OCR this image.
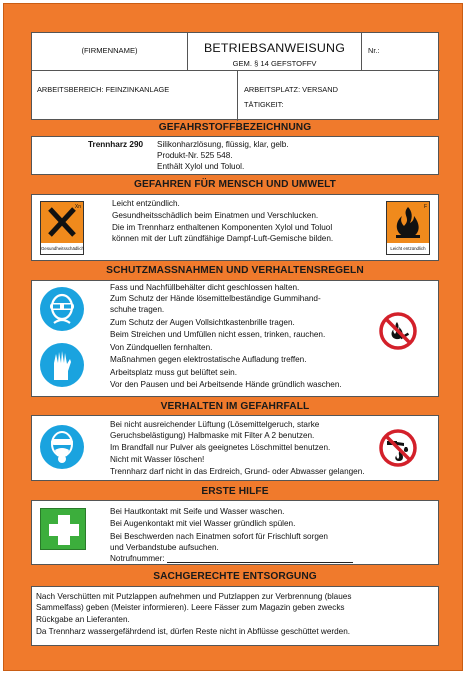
(FIRMENNAME)	BETRIEBSANWEISUNG
GEM. § 14 GEFSTOFFV
Nr.:
ARBEITSBEREICH: FEINZINKANLAGE	ARBEITSPLATZ: VERSAND
TÄTIGKEIT:
GEFAHRSTOFFBEZEICHNUNG
Trennharz 290 Silikonharzlösung, flüssig, klar, gelb.
Produkt-Nr. 525 548.
Enthält Xylol und Toluol.
GEFAHREN FÜR MENSCH UND UMWELT
Xn
Gesundheitsschädlich
Leicht entzündlich.
Gesundheitsschädlich beim Einatmen und Verschlucken.
Die im Trennharz enthaltenen Komponenten Xylol und Toluol
können mit der Luft zündfähige Dampf-Luft-Gemische bilden.
F
Leicht entzündlich
SCHUTZMASSNAHMEN UND VERHALTENSREGELN
Fass und Nachfüllbehälter dicht geschlossen halten.
Zum Schutz der Hände lösemittelbeständige Gummihand-
schuhe tragen.
Zum Schutz der Augen Vollsichtkastenbrille tragen.
Beim Streichen und Umfüllen nicht essen, trinken, rauchen.
Von Zündquellen fernhalten.
Maßnahmen gegen elektrostatische Aufladung treffen.
Arbeitsplatz muss gut belüftet sein.
Vor den Pausen und bei Arbeitsende Hände gründlich waschen.
VERHALTEN IM GEFAHRFALL
Bei nicht ausreichender Lüftung (Lösemittelgeruch, starke
Geruchsbelästigung) Halbmaske mit Filter A 2 benutzen.
Im Brandfall nur Pulver als geeignetes Löschmittel benutzen.
Nicht mit Wasser löschen!
Trennharz darf nicht in das Erdreich, Grund- oder Abwasser gelangen.
ERSTE HILFE
Bei Hautkontakt mit Seife und Wasser waschen.
Bei Augenkontakt mit viel Wasser gründlich spülen.
Bei Beschwerden nach Einatmen sofort für Frischluft sorgen
und Verbandstube aufsuchen.
Notrufnummer:
SACHGERECHTE ENTSORGUNG
Nach Verschütten mit Putzlappen aufnehmen und Putzlappen zur Verbrennung (blaues
Sammelfass) geben (Meister informieren). Leere Fässer zum Magazin geben zwecks
Rückgabe an Lieferanten.
Da Trennharz wassergefährdend ist, dürfen Reste nicht in Abflüsse geschüttet werden.
